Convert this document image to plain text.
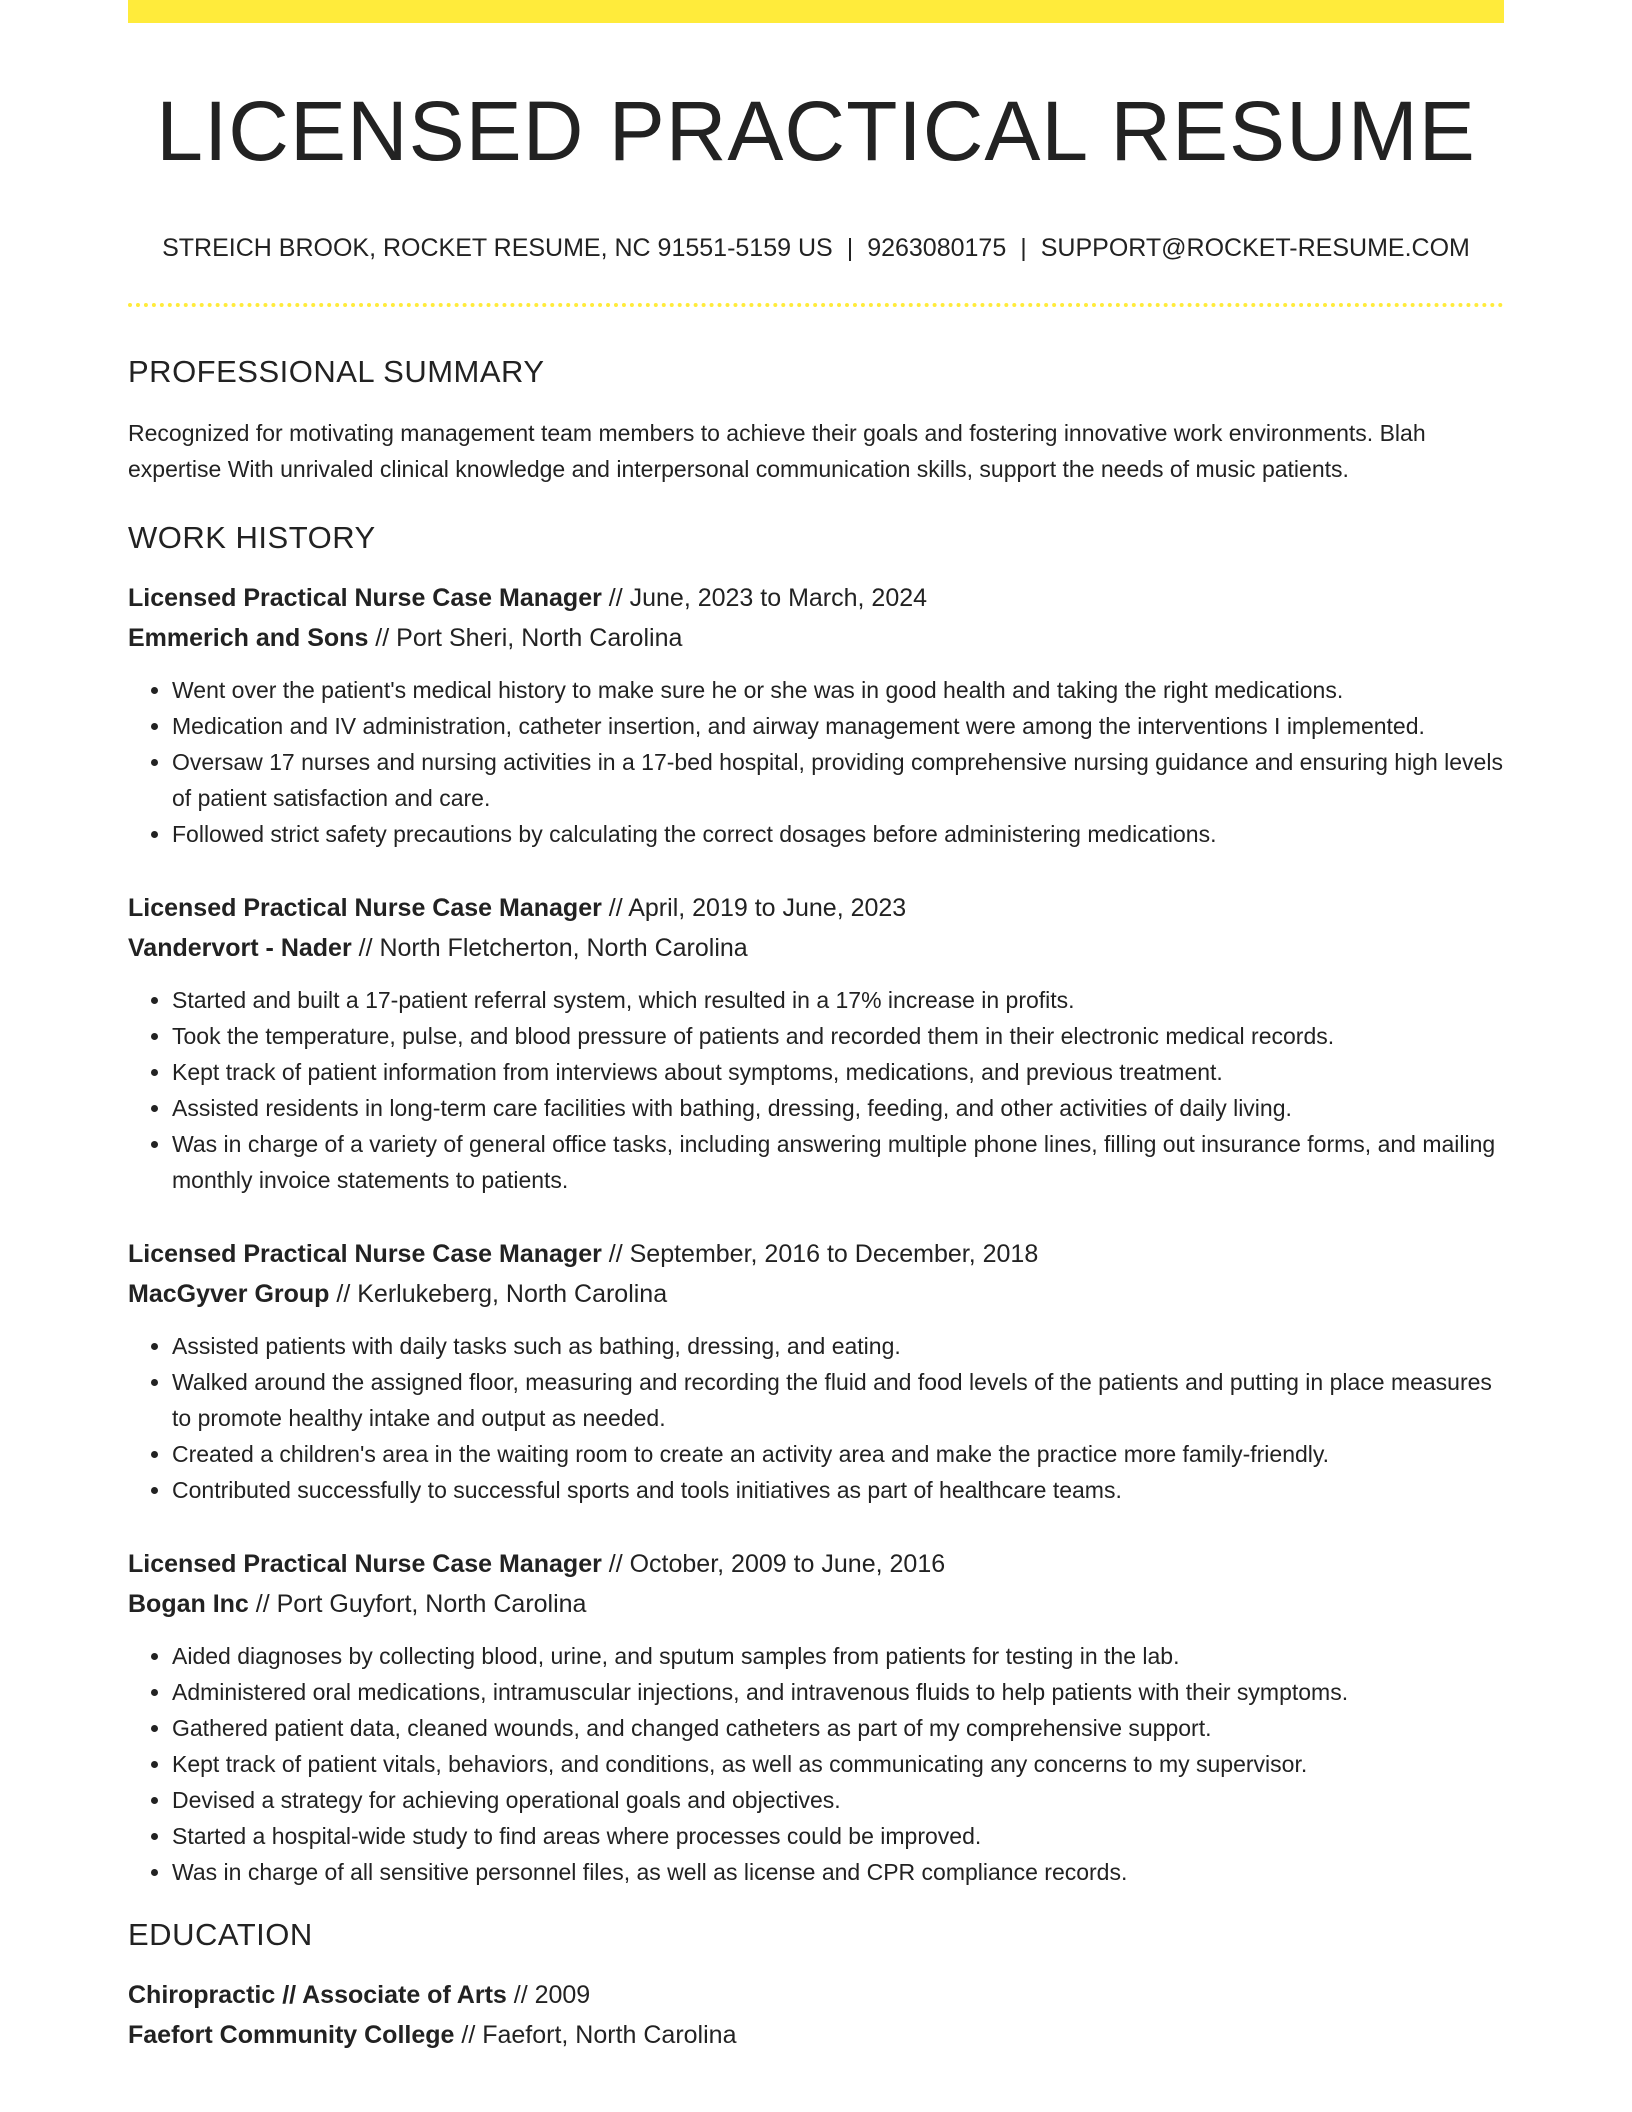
LICENSED PRACTICAL RESUME
STREICH BROOK, ROCKET RESUME, NC 91551-5159 US | 9263080175 | SUPPORT@ROCKET-RESUME.COM
PROFESSIONAL SUMMARY
Recognized for motivating management team members to achieve their goals and fostering innovative work environments. Blah expertise With unrivaled clinical knowledge and interpersonal communication skills, support the needs of music patients.
WORK HISTORY
Licensed Practical Nurse Case Manager // June, 2023 to March, 2024
Emmerich and Sons // Port Sheri, North Carolina
• Went over the patient's medical history to make sure he or she was in good health and taking the right medications.
• Medication and IV administration, catheter insertion, and airway management were among the interventions I implemented.
• Oversaw 17 nurses and nursing activities in a 17-bed hospital, providing comprehensive nursing guidance and ensuring high levels of patient satisfaction and care.
• Followed strict safety precautions by calculating the correct dosages before administering medications.
Licensed Practical Nurse Case Manager // April, 2019 to June, 2023
Vandervort - Nader // North Fletcherton, North Carolina
• Started and built a 17-patient referral system, which resulted in a 17% increase in profits.
• Took the temperature, pulse, and blood pressure of patients and recorded them in their electronic medical records.
• Kept track of patient information from interviews about symptoms, medications, and previous treatment.
• Assisted residents in long-term care facilities with bathing, dressing, feeding, and other activities of daily living.
• Was in charge of a variety of general office tasks, including answering multiple phone lines, filling out insurance forms, and mailing monthly invoice statements to patients.
Licensed Practical Nurse Case Manager // September, 2016 to December, 2018
MacGyver Group // Kerlukeberg, North Carolina
• Assisted patients with daily tasks such as bathing, dressing, and eating.
• Walked around the assigned floor, measuring and recording the fluid and food levels of the patients and putting in place measures to promote healthy intake and output as needed.
• Created a children's area in the waiting room to create an activity area and make the practice more family-friendly.
• Contributed successfully to successful sports and tools initiatives as part of healthcare teams.
Licensed Practical Nurse Case Manager // October, 2009 to June, 2016
Bogan Inc // Port Guyfort, North Carolina
• Aided diagnoses by collecting blood, urine, and sputum samples from patients for testing in the lab.
• Administered oral medications, intramuscular injections, and intravenous fluids to help patients with their symptoms.
• Gathered patient data, cleaned wounds, and changed catheters as part of my comprehensive support.
• Kept track of patient vitals, behaviors, and conditions, as well as communicating any concerns to my supervisor.
• Devised a strategy for achieving operational goals and objectives.
• Started a hospital-wide study to find areas where processes could be improved.
• Was in charge of all sensitive personnel files, as well as license and CPR compliance records.
EDUCATION
Chiropractic // Associate of Arts // 2009
Faefort Community College // Faefort, North Carolina
